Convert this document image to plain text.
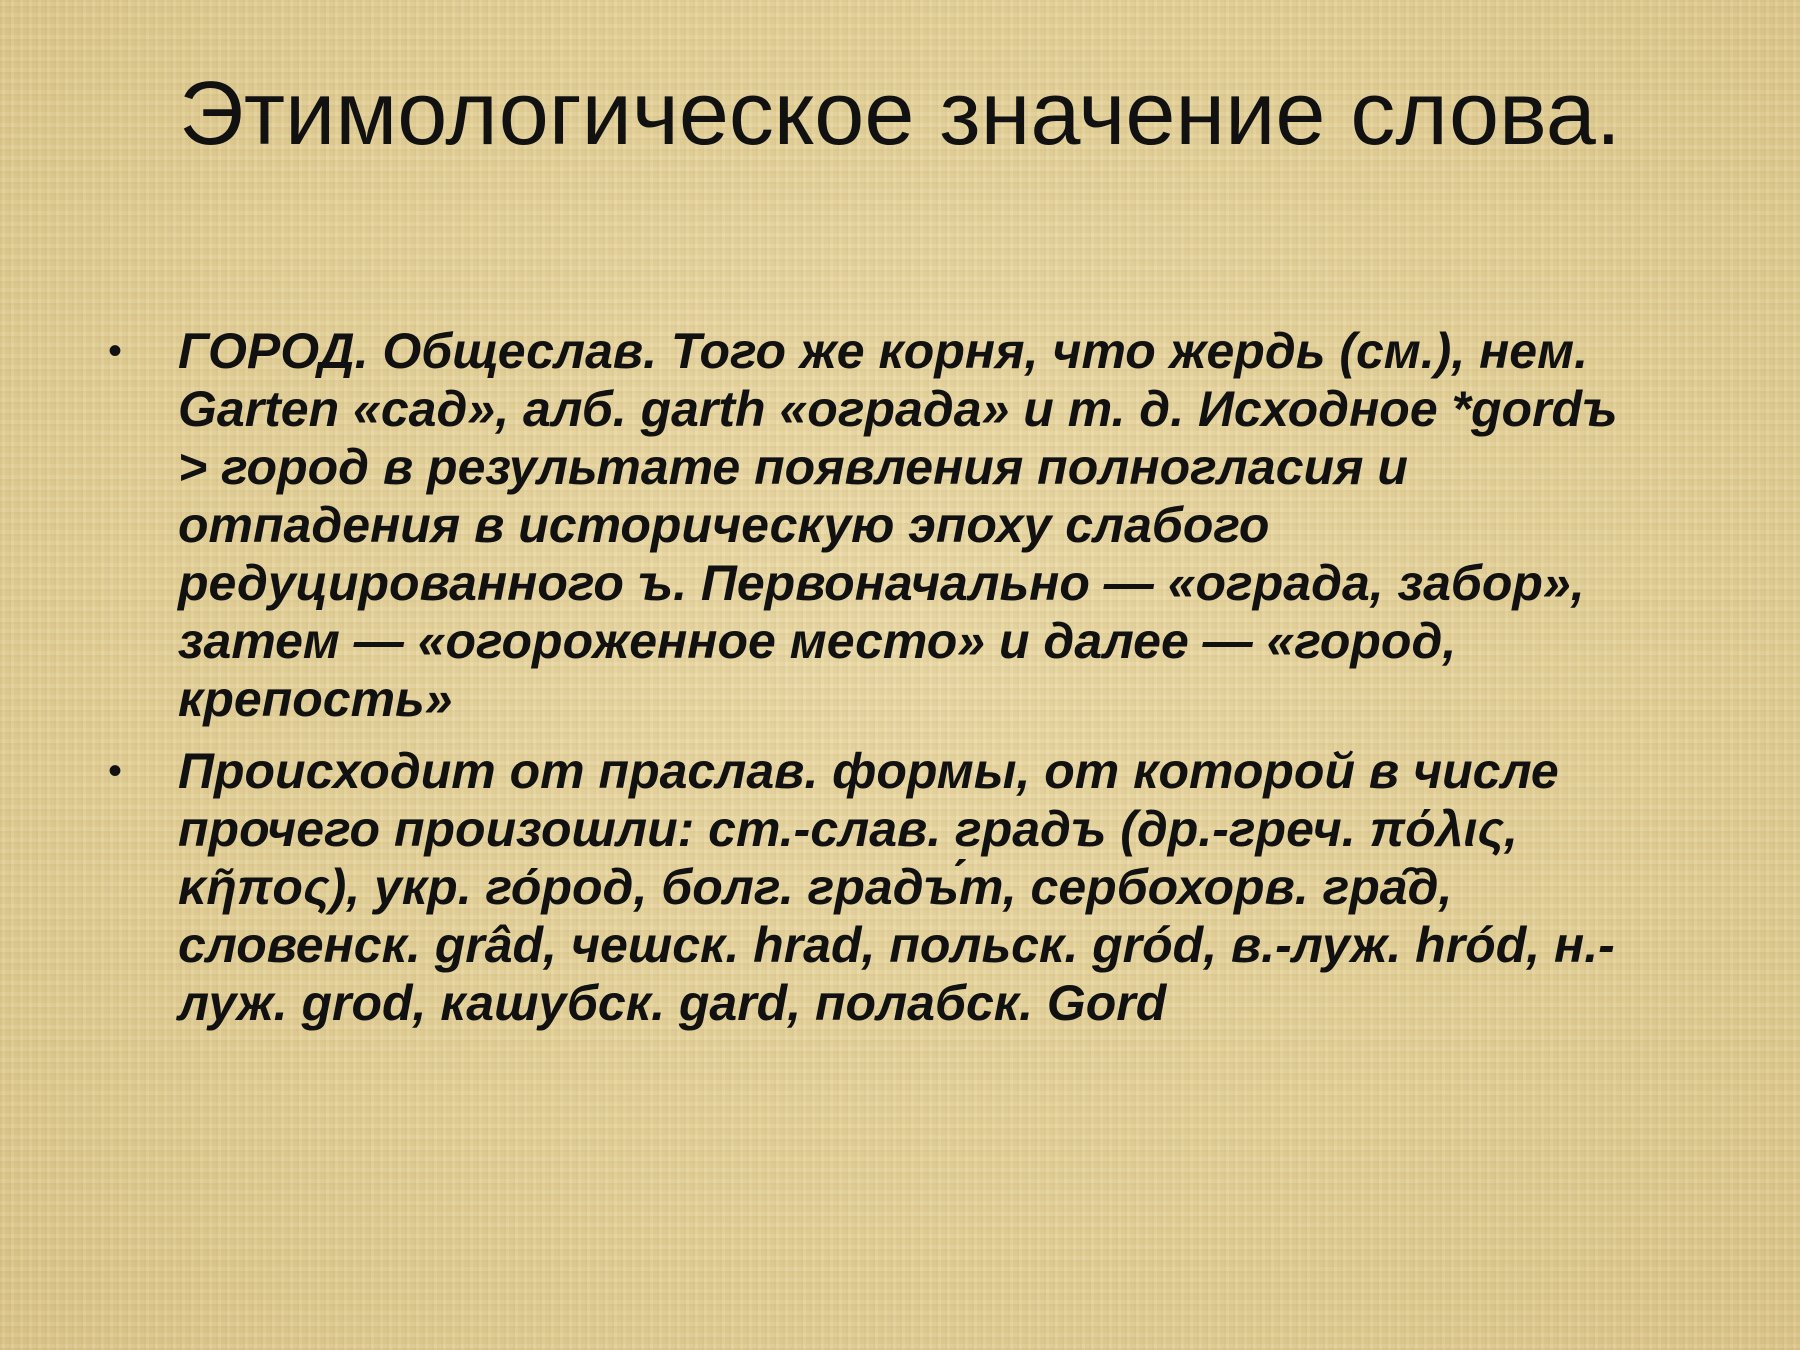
Этимологическое значение слова.
• ГОРОД. Общеслав. Того же корня, что жердь (см.), нем. Garten «сад», алб. garth «ограда» и т. д. Исходное *gordъ > город в результате появления полногласия и отпадения в историческую эпоху слабого редуцированного ъ. Первоначально — «ограда, забор», затем — «огороженное место» и далее — «город, крепость»
• Происходит от праслав. формы, от которой в числе прочего произошли: ст.-слав. градъ (др.-греч. πόλις, κῆπος), укр. го́род, болг. градъ́т, сербохорв. гра̑д, словенск. grâd, чешск. hrad, польск. gród, в.-луж. hród, н.-луж. grod, кашубск. gard, полабск. Gord
